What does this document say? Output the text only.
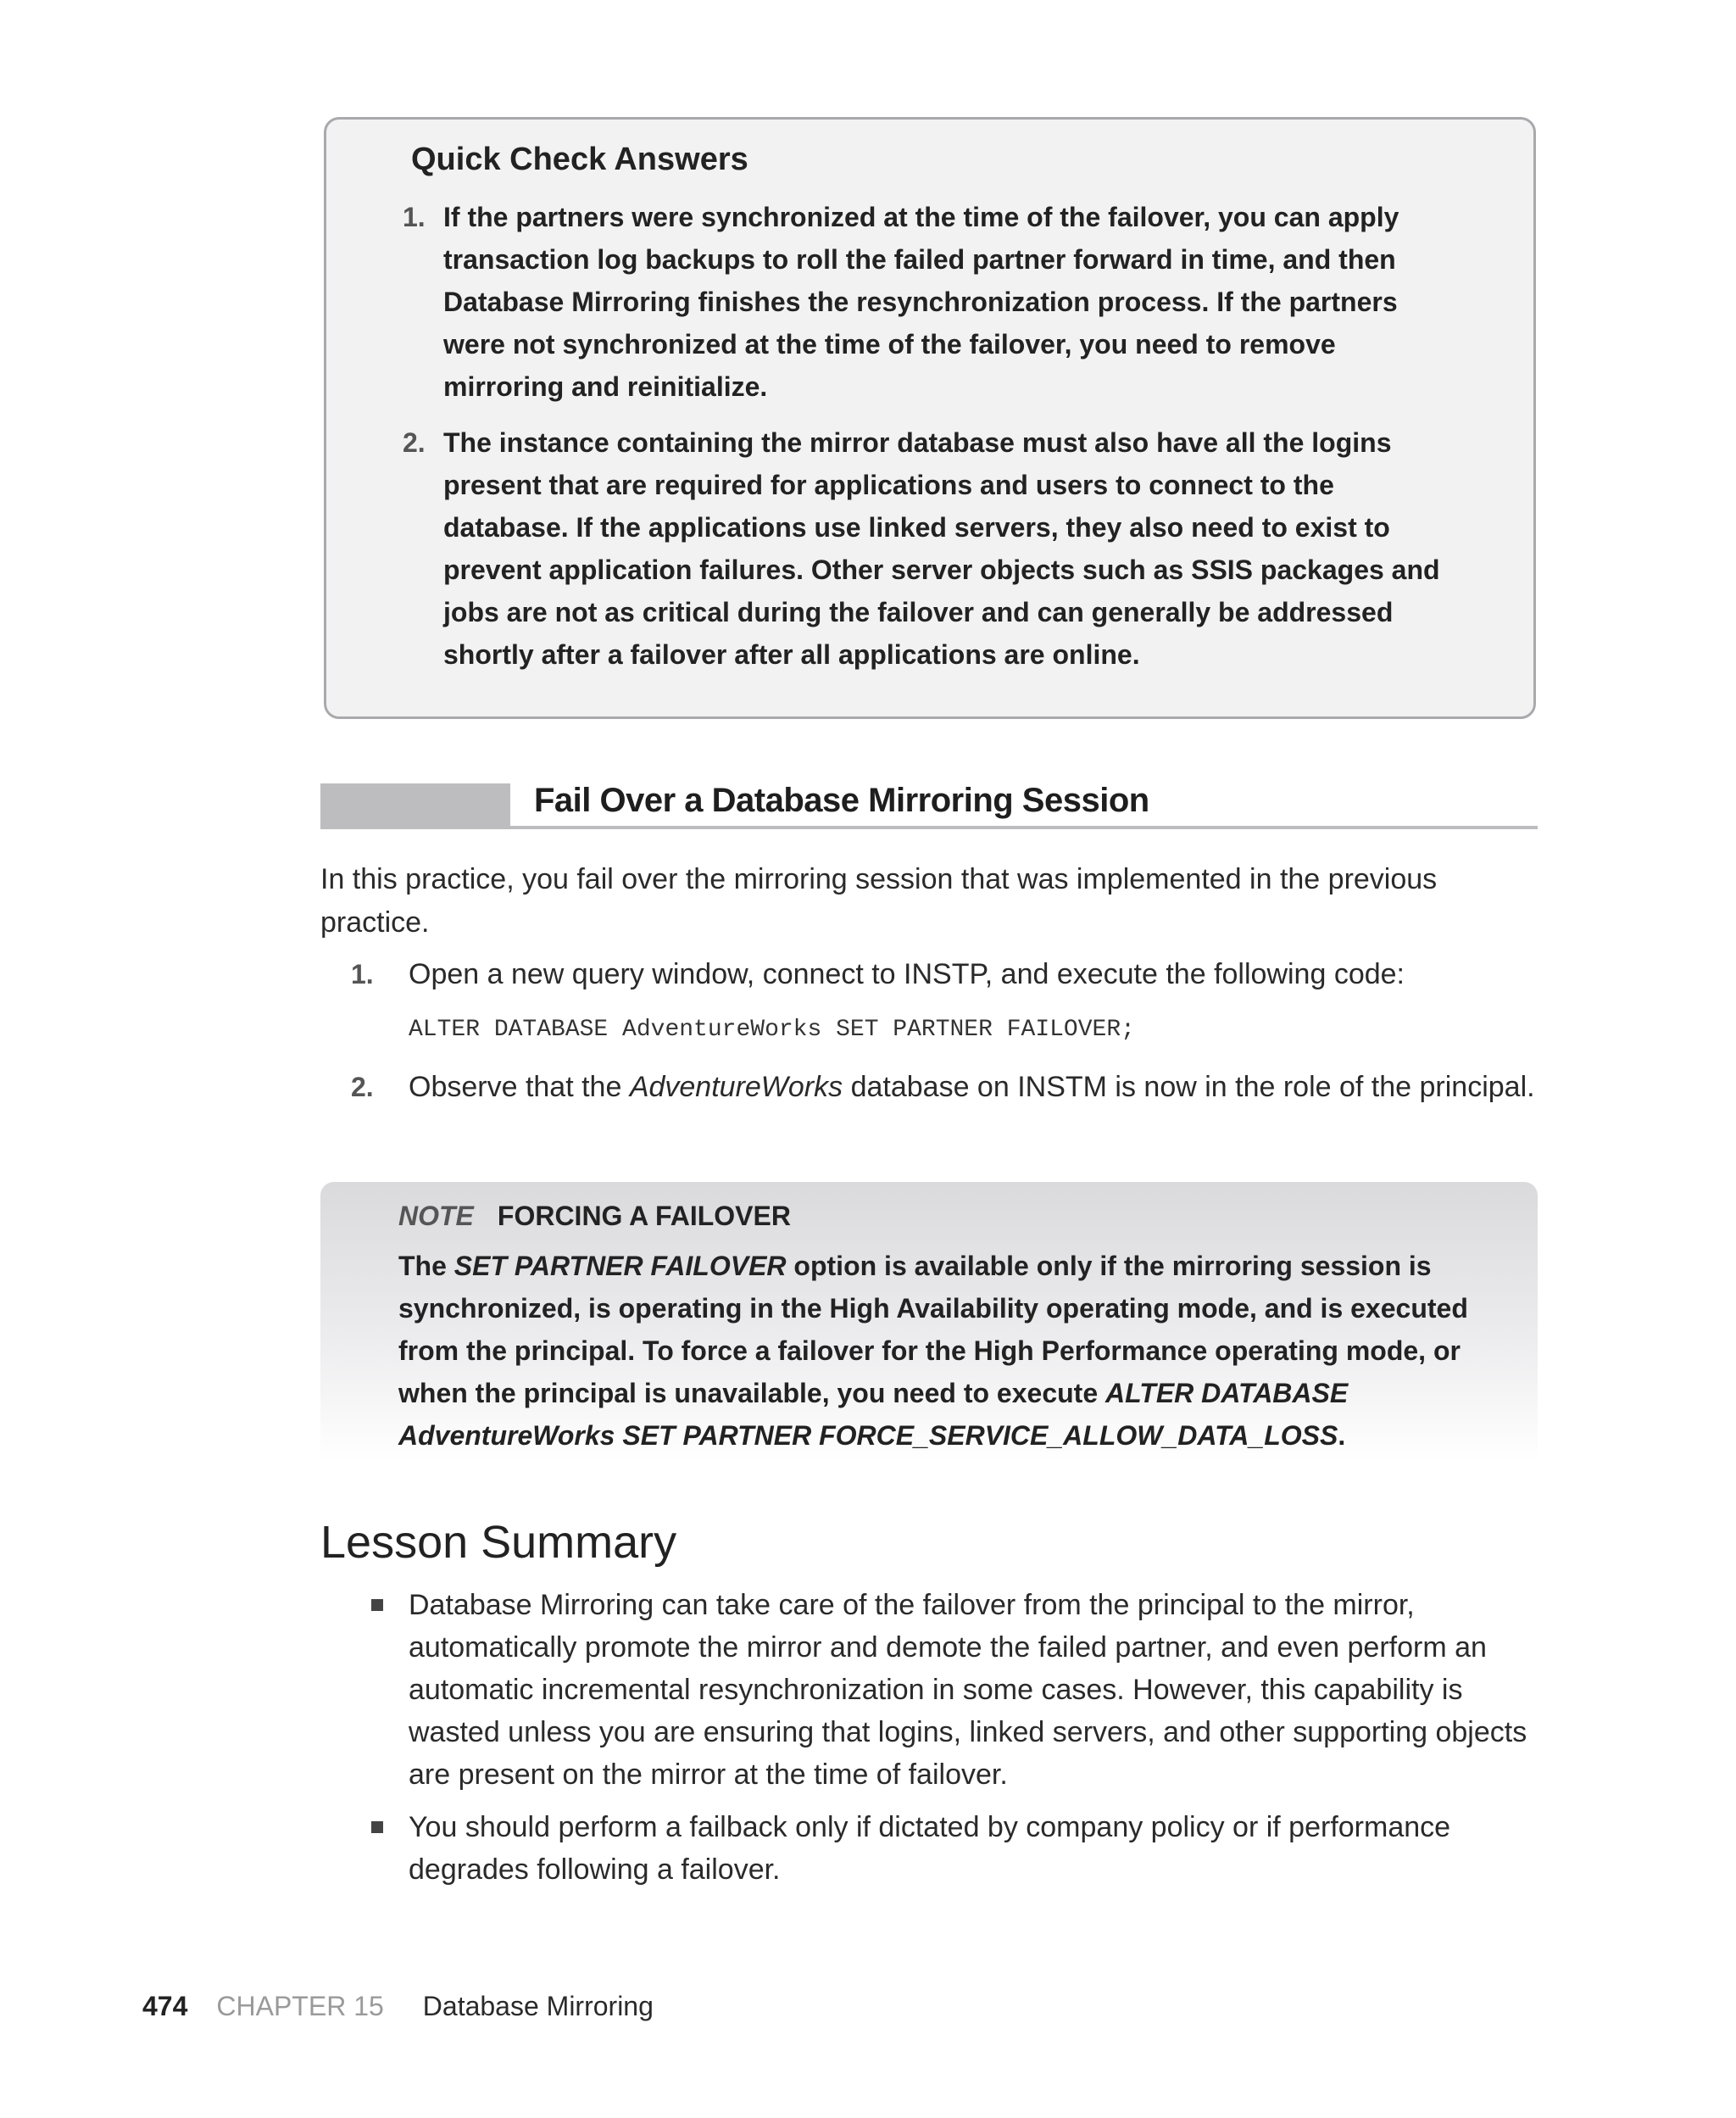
Quick Check Answers
1. If the partners were synchronized at the time of the failover, you can apply transaction log backups to roll the failed partner forward in time, and then Database Mirroring finishes the resynchronization process. If the partners were not synchronized at the time of the failover, you need to remove mirroring and reinitialize.
2. The instance containing the mirror database must also have all the logins present that are required for applications and users to connect to the database. If the applications use linked servers, they also need to exist to prevent application failures. Other server objects such as SSIS packages and jobs are not as critical during the failover and can generally be addressed shortly after a failover after all applications are online.
Fail Over a Database Mirroring Session
In this practice, you fail over the mirroring session that was implemented in the previous practice.
1. Open a new query window, connect to INSTP, and execute the following code:
ALTER DATABASE AdventureWorks SET PARTNER FAILOVER;
2. Observe that the AdventureWorks database on INSTM is now in the role of the principal.
NOTE FORCING A FAILOVER
The SET PARTNER FAILOVER option is available only if the mirroring session is synchronized, is operating in the High Availability operating mode, and is executed from the principal. To force a failover for the High Performance operating mode, or when the principal is unavailable, you need to execute ALTER DATABASE AdventureWorks SET PARTNER FORCE_SERVICE_ALLOW_DATA_LOSS.
Lesson Summary
Database Mirroring can take care of the failover from the principal to the mirror, automatically promote the mirror and demote the failed partner, and even perform an automatic incremental resynchronization in some cases. However, this capability is wasted unless you are ensuring that logins, linked servers, and other supporting objects are present on the mirror at the time of failover.
You should perform a failback only if dictated by company policy or if performance degrades following a failover.
474 CHAPTER 15 Database Mirroring
